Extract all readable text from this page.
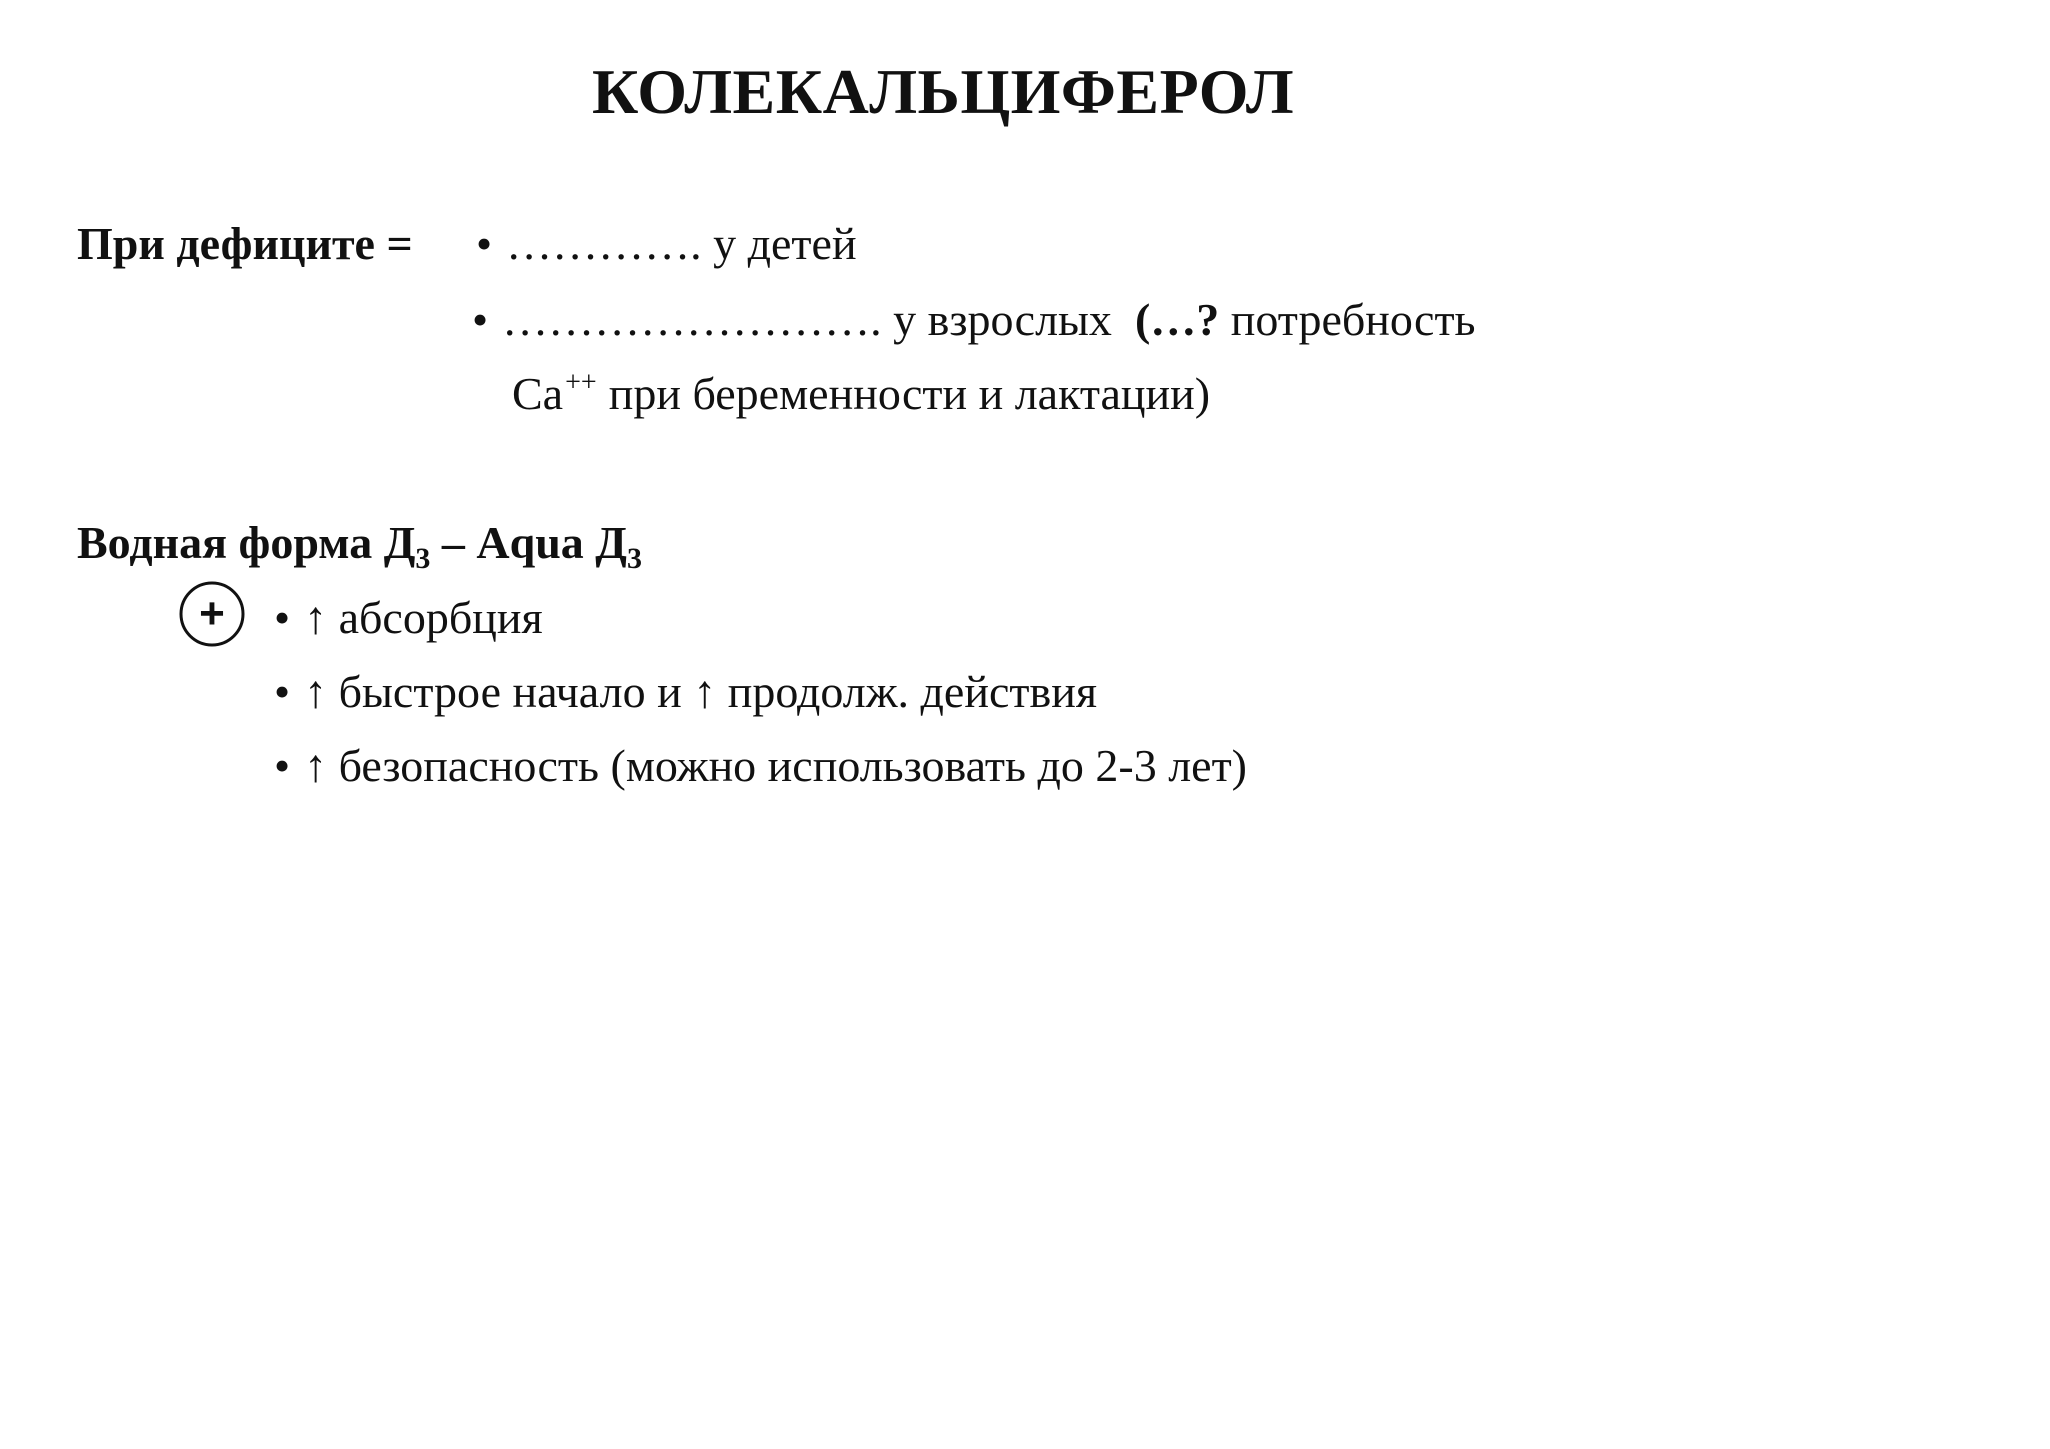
КОЛЕКАЛЬЦИФЕРОЛ
При дефиците = • …………. у детей
• ……………………. у взрослых (…? потребность
Ca++ при беременности и лактации)
Водная форма $Д_3$ – Aqua $Д_3$
+ • ↑ абсорбция
• ↑ быстрое начало и ↑ продолж. действия
• ↑ безопасность (можно использовать до 2-3 лет)
